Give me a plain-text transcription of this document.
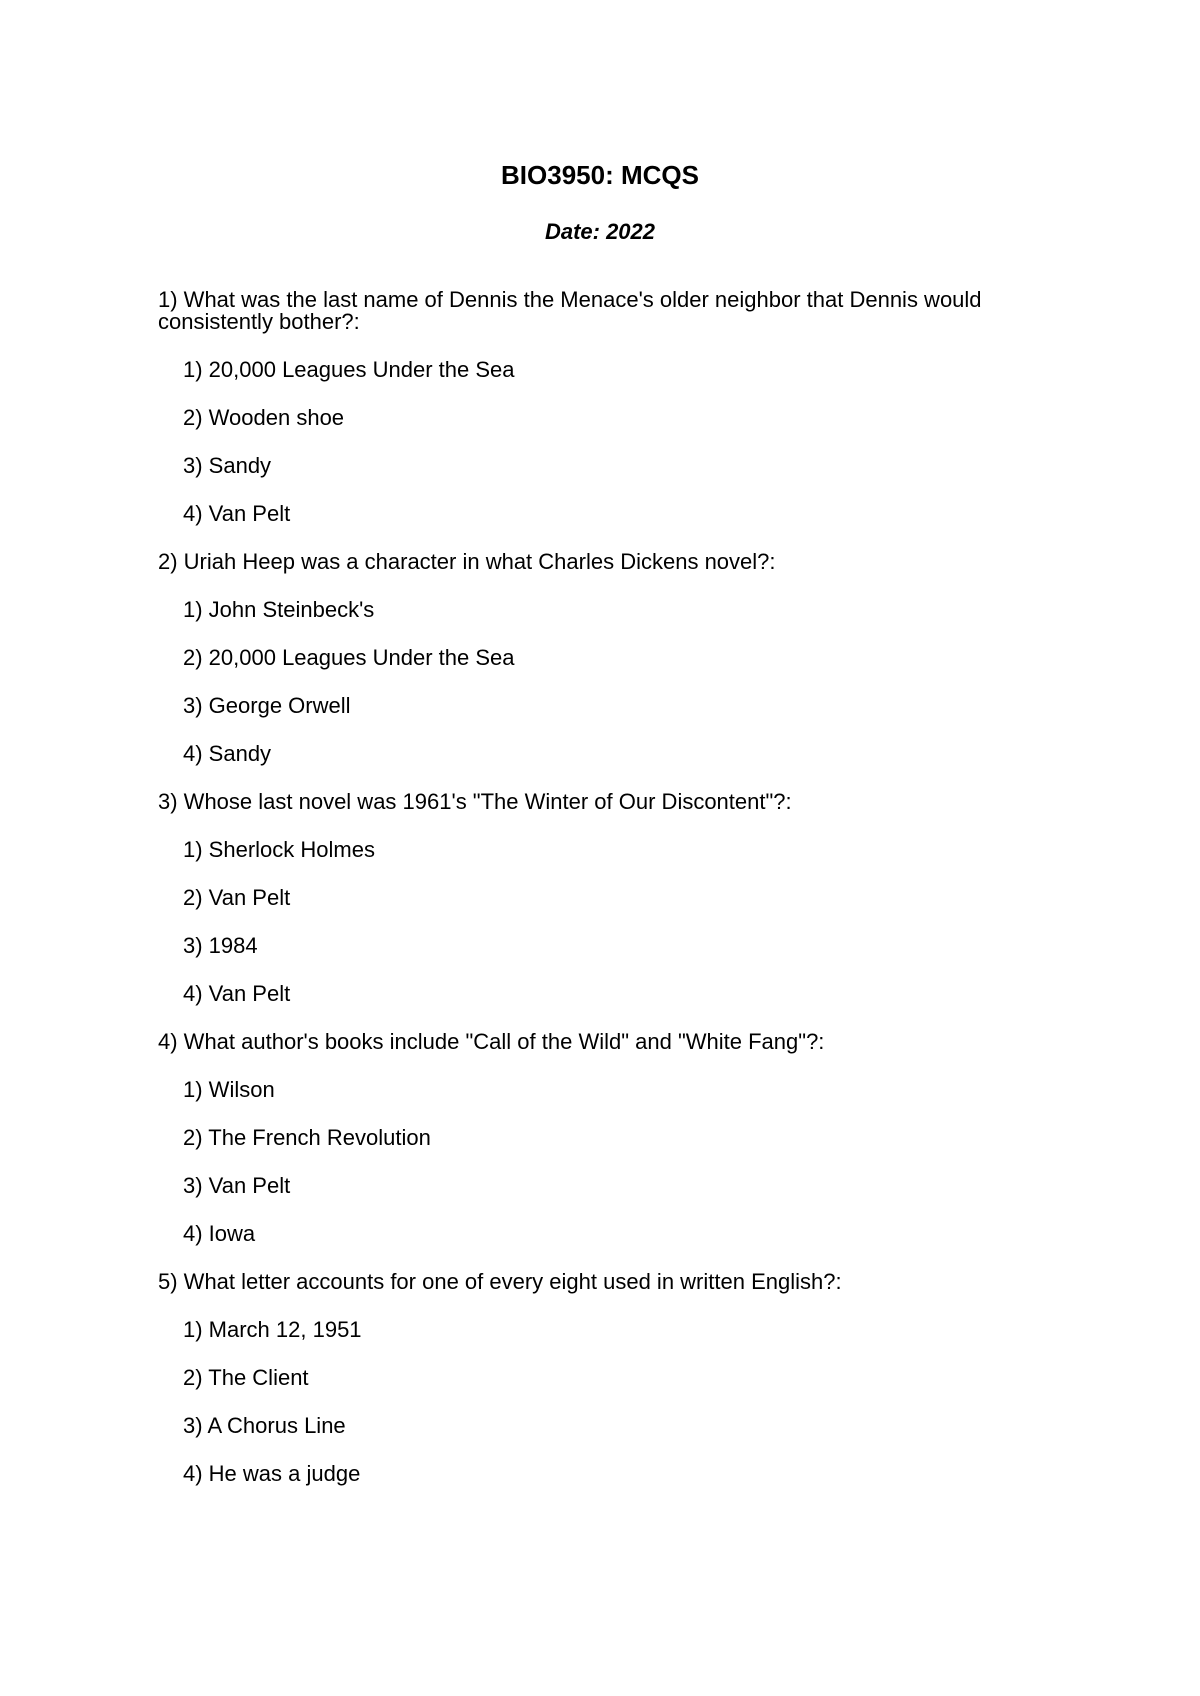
BIO3950: MCQS
Date: 2022
1) What was the last name of Dennis the Menace's older neighbor that Dennis would consistently bother?:
1) 20,000 Leagues Under the Sea
2) Wooden shoe
3) Sandy
4) Van Pelt
2) Uriah Heep was a character in what Charles Dickens novel?:
1) John Steinbeck's
2) 20,000 Leagues Under the Sea
3) George Orwell
4) Sandy
3) Whose last novel was 1961's "The Winter of Our Discontent"?:
1) Sherlock Holmes
2) Van Pelt
3) 1984
4) Van Pelt
4) What author's books include "Call of the Wild" and "White Fang"?:
1) Wilson
2) The French Revolution
3) Van Pelt
4) Iowa
5) What letter accounts for one of every eight used in written English?:
1) March 12, 1951
2) The Client
3) A Chorus Line
4) He was a judge
